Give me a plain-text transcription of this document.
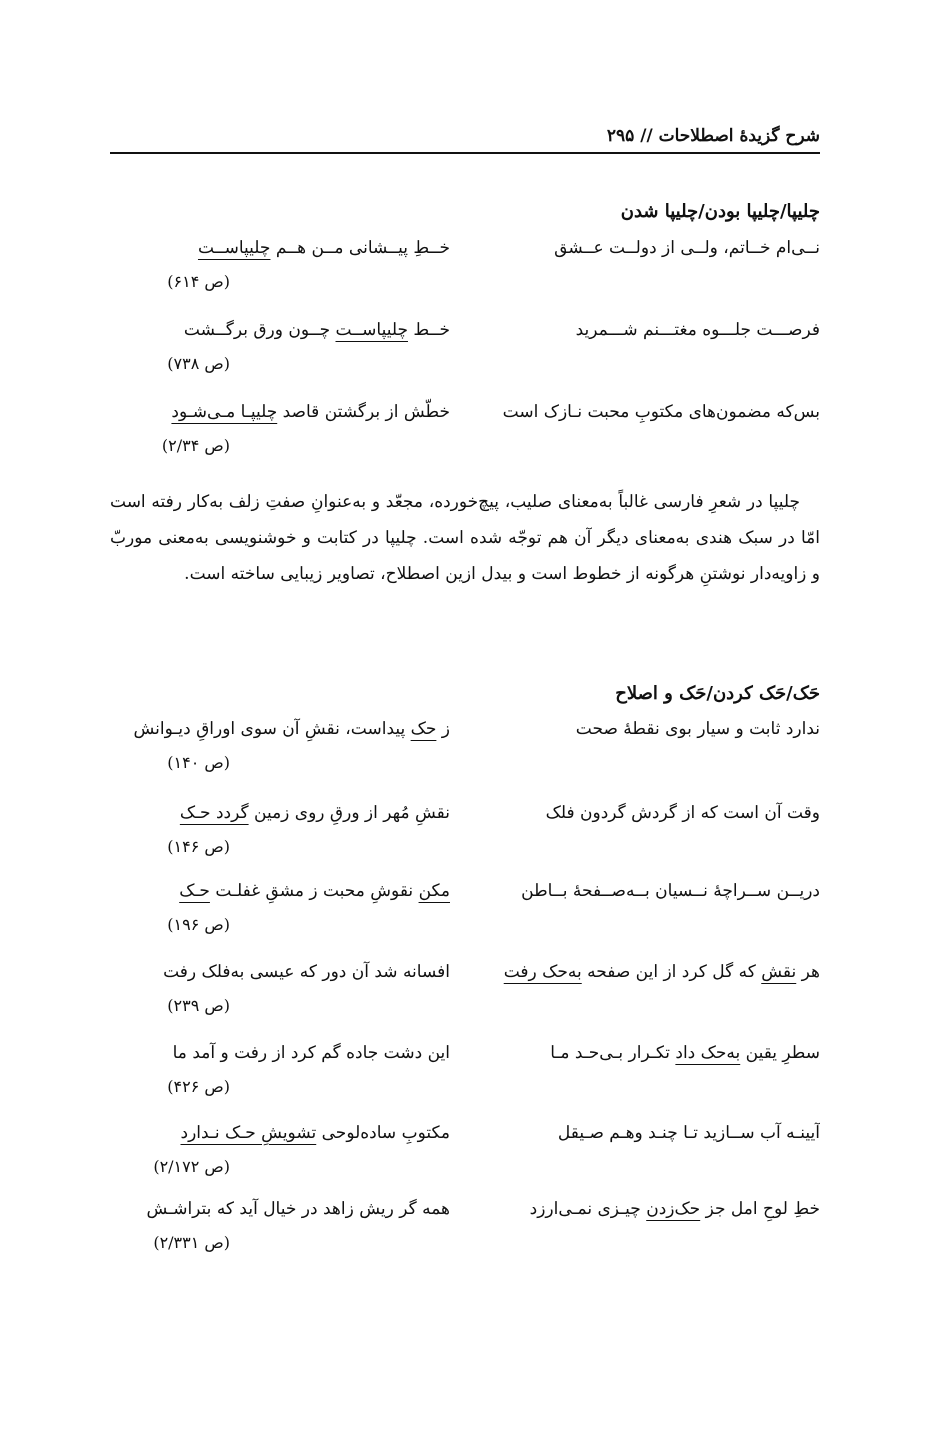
شرح گزیدهٔ اصطلاحات // ۲۹۵
چلیپا/چلیپا بودن/چلیپا شدن
نــی‌ام خــاتم، ولــی از دولــت عــشق
خــطِ پیــشانی مــن هــم چلیپاســت
(ص ۶۱۴)
فرصـــت جلـــوه مغتـــنم شـــمرید
خــط چلیپاســت چــون ورق برگــشت
(ص ۷۳۸)
بس‌که مضمون‌های مکتوبِ محبت نـازک است
خطّش از برگشتن قاصد چلیپـا مـی‌شـود
(ص ۲/۳۴)
چلیپا در شعرِ فارسی غالباً به‌معنای صلیب، پیچ‌خورده، مجعّد و به‌عنوانِ صفتِ زلف به‌کار رفته است امّا در سبک هندی به‌معنای دیگر آن هم توجّه شده است. چلیپا در کتابت و خوشنویسی به‌معنی موربّ و زاویه‌دار نوشتنِ هرگونه از خطوط است و بیدل ازین اصطلاح، تصاویر زیبایی ساخته است.
حَک/حَک کردن/حَک و اصلاح
ندارد ثابت و سیار بوی نقطهٔ صحت
ز حک پیداست، نقشِ آن سوی اوراقِ دیـوانش
(ص ۱۴۰)
وقت آن است که از گردش گردون فلک
نقشِ مُهر از ورقِ روی زمین گردد حـک
(ص ۱۴۶)
دریــن ســراچهٔ نــسیان بــه‌صــفحهٔ بــاطن
مکن نقوشِ محبت ز مشقِ غفلـت حـک
(ص ۱۹۶)
هر نقش که گل کرد از این صفحه به‌حک رفت
افسانه شد آن دور که عیسی به‌فلک رفت
(ص ۲۳۹)
سطرِ یقین به‌حک داد تکـرار بـی‌حـد مـا
این دشت جاده گم کرد از رفت و آمد ما
(ص ۴۲۶)
آیینـه آب ســازید تـا چنـد وهـم صـیقل
مکتوبِ ساده‌لوحی تشویشِ حـک نـدارد
(ص ۲/۱۷۲)
خطِ لوحِ امل جز حک‌زدن چیـزی نمـی‌ارزد
همه گر ریش زاهد در خیال آید که بتراشـش
(ص ۲/۳۳۱)
